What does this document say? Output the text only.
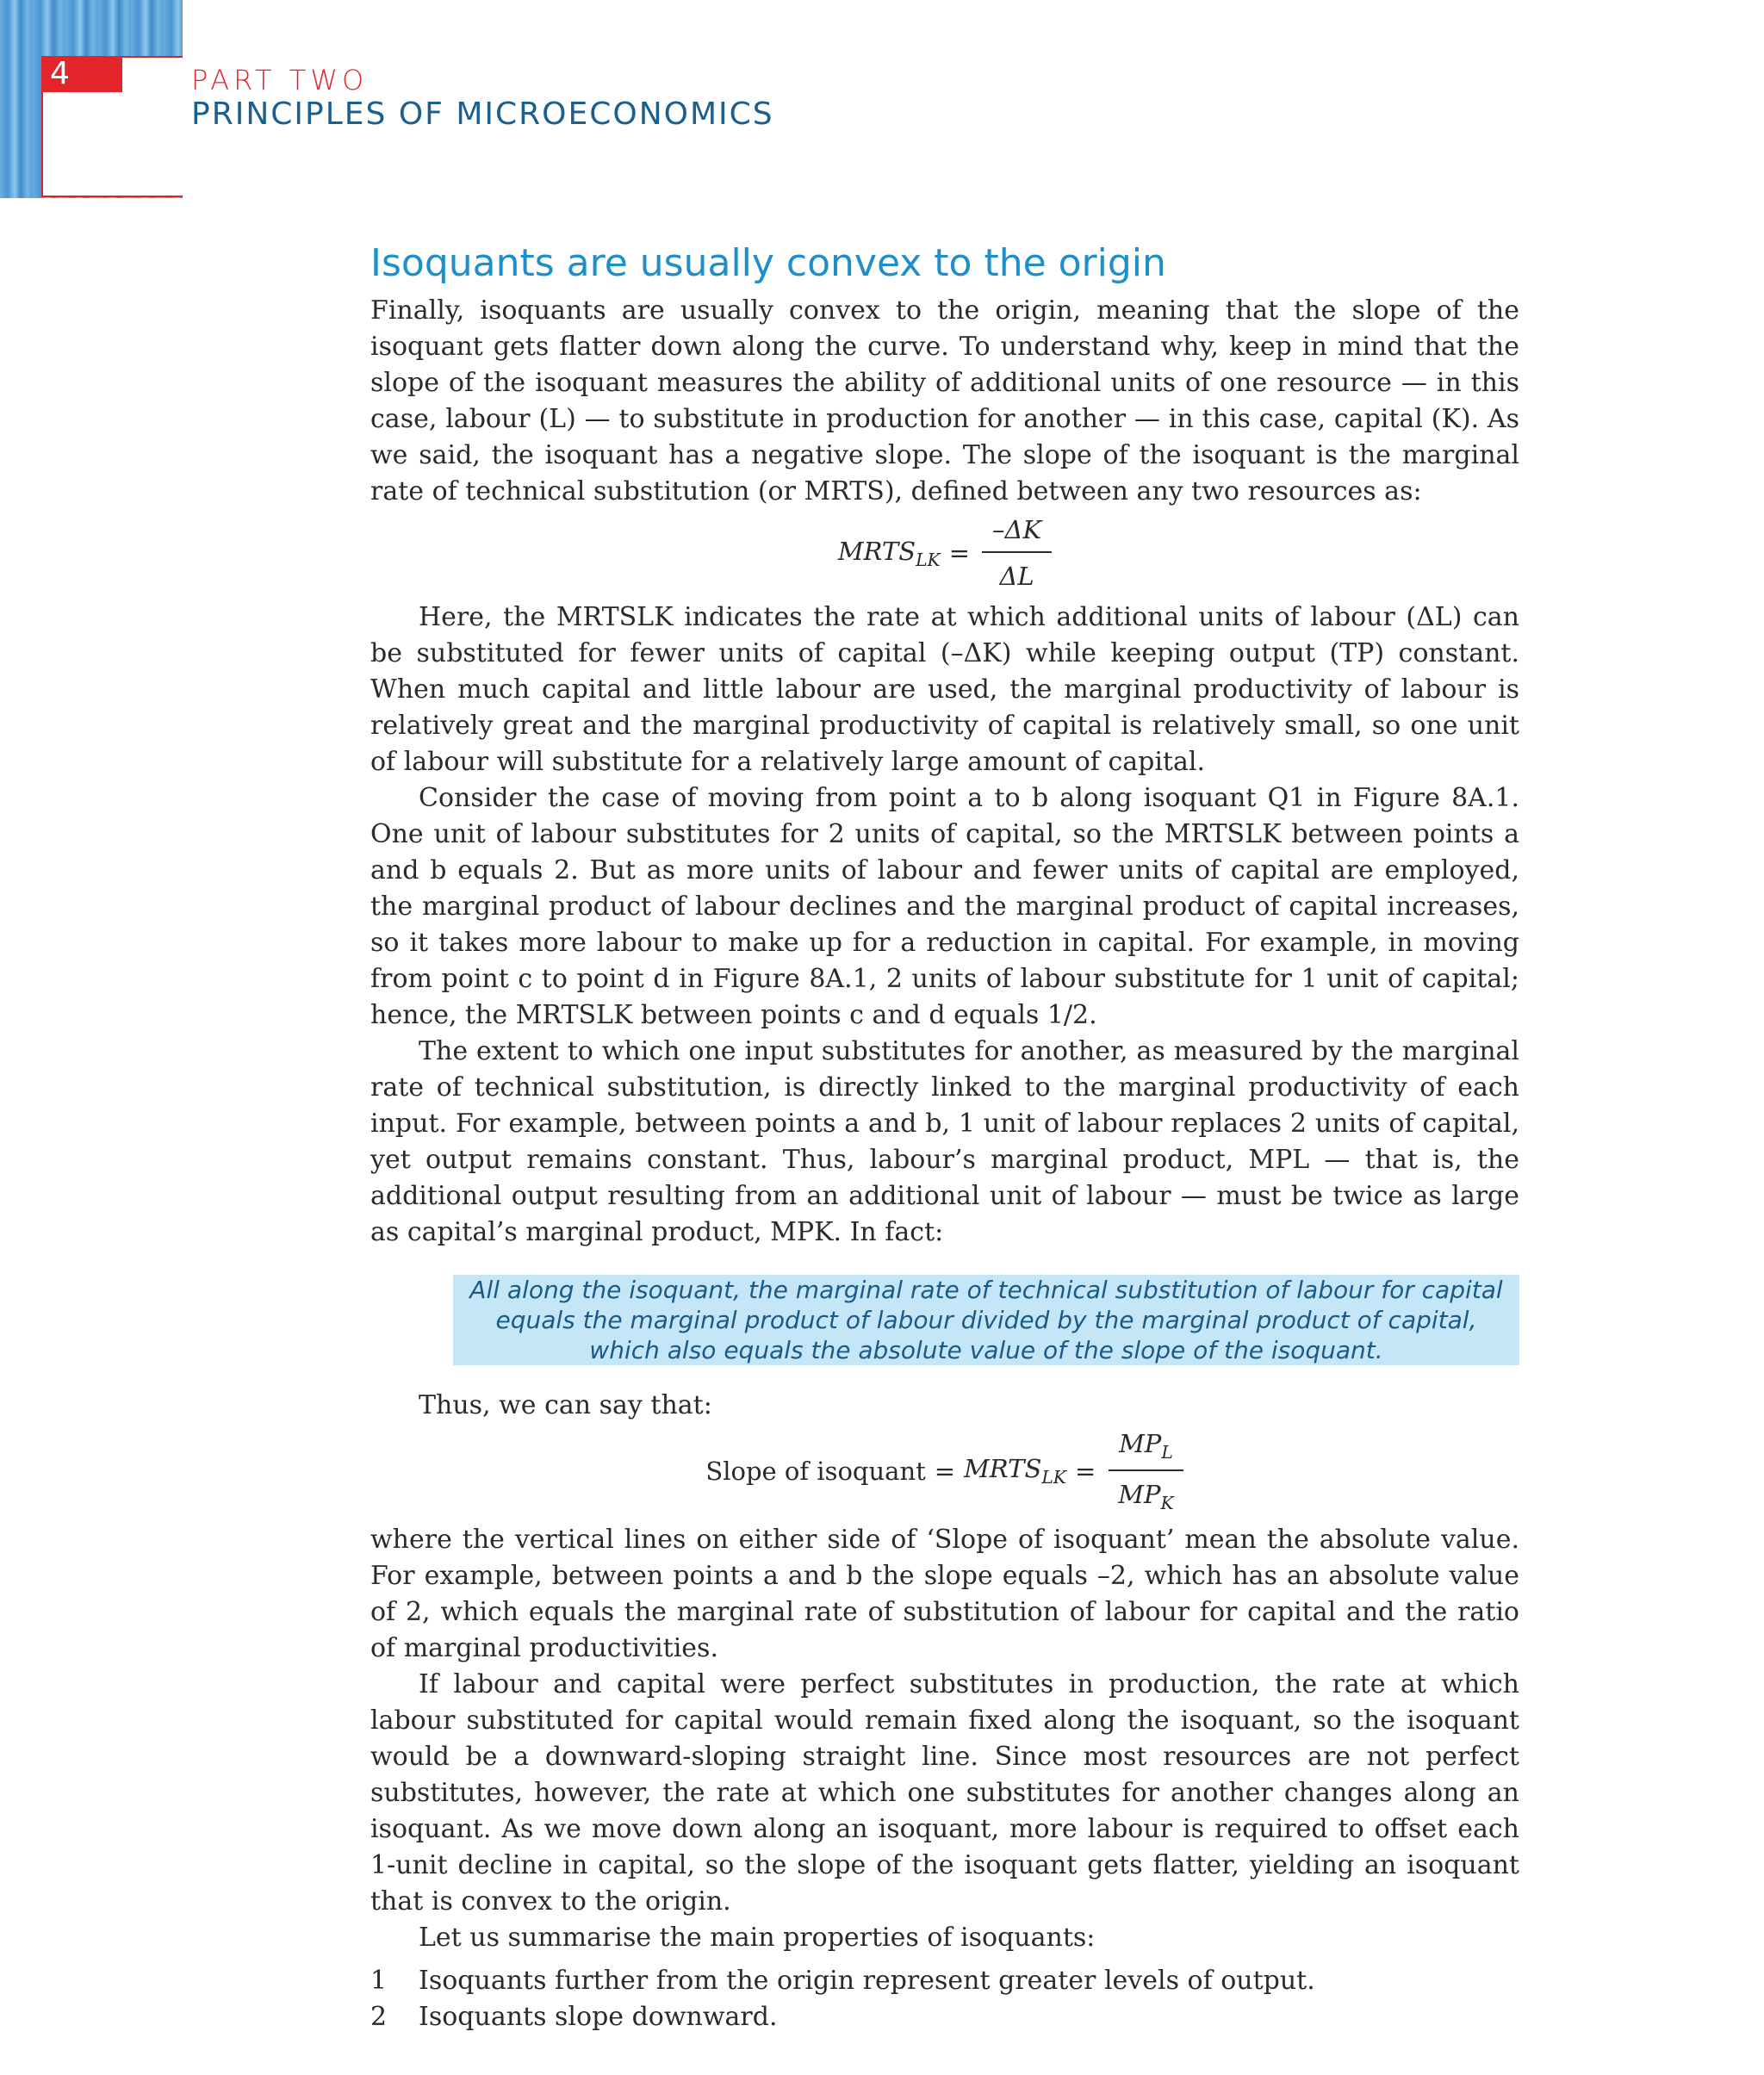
4	PART TWO
PRINCIPLES OF MICROECONOMICS
Isoquants are usually convex to the origin

Finally, isoquants are usually convex to the origin, meaning that the slope of the isoquant gets flatter down along the curve. To understand why, keep in mind that the slope of the isoquant measures the ability of additional units of one resource — in this case, labour (L) — to substitute in production for another — in this case, capital (K). As we said, the isoquant has a negative slope. The slope of the isoquant is the marginal rate of technical substitution (or MRTS), defined between any two resources as:

$MRTS_{LK} = \frac{-\Delta K}{\Delta L}$

Here, the MRTSLK indicates the rate at which additional units of labour (ΔL) can be substituted for fewer units of capital (–ΔK) while keeping output (TP) constant. When much capital and little labour are used, the marginal productivity of labour is relatively great and the marginal productivity of capital is relatively small, so one unit of labour will substitute for a relatively large amount of capital.

Consider the case of moving from point a to b along isoquant Q1 in Figure 8A.1. One unit of labour substitutes for 2 units of capital, so the MRTSLK between points a and b equals 2. But as more units of labour and fewer units of capital are employed, the marginal product of labour declines and the marginal product of capital increases, so it takes more labour to make up for a reduction in capital. For example, in moving from point c to point d in Figure 8A.1, 2 units of labour substitute for 1 unit of capital; hence, the MRTSLK between points c and d equals 1/2.

The extent to which one input substitutes for another, as measured by the marginal rate of technical substitution, is directly linked to the marginal productivity of each input. For example, between points a and b, 1 unit of labour replaces 2 units of capital, yet output remains constant. Thus, labour’s marginal product, MPL — that is, the additional output resulting from an additional unit of labour — must be twice as large as capital’s marginal product, MPK. In fact:

All along the isoquant, the marginal rate of technical substitution of labour for capital
equals the marginal product of labour divided by the marginal product of capital,
which also equals the absolute value of the slope of the isoquant.

Thus, we can say that:

Slope of isoquant = $MRTS_{LK} = \frac{MP_L}{MP_K}$

where the vertical lines on either side of ‘Slope of isoquant’ mean the absolute value. For example, between points a and b the slope equals –2, which has an absolute value of 2, which equals the marginal rate of substitution of labour for capital and the ratio of marginal productivities.

If labour and capital were perfect substitutes in production, the rate at which labour substituted for capital would remain fixed along the isoquant, so the isoquant would be a downward-sloping straight line. Since most resources are not perfect substitutes, however, the rate at which one substitutes for another changes along an isoquant. As we move down along an isoquant, more labour is required to offset each 1-unit decline in capital, so the slope of the isoquant gets flatter, yielding an isoquant that is convex to the origin.

Let us summarise the main properties of isoquants:

1	Isoquants further from the origin represent greater levels of output.
2	Isoquants slope downward.
